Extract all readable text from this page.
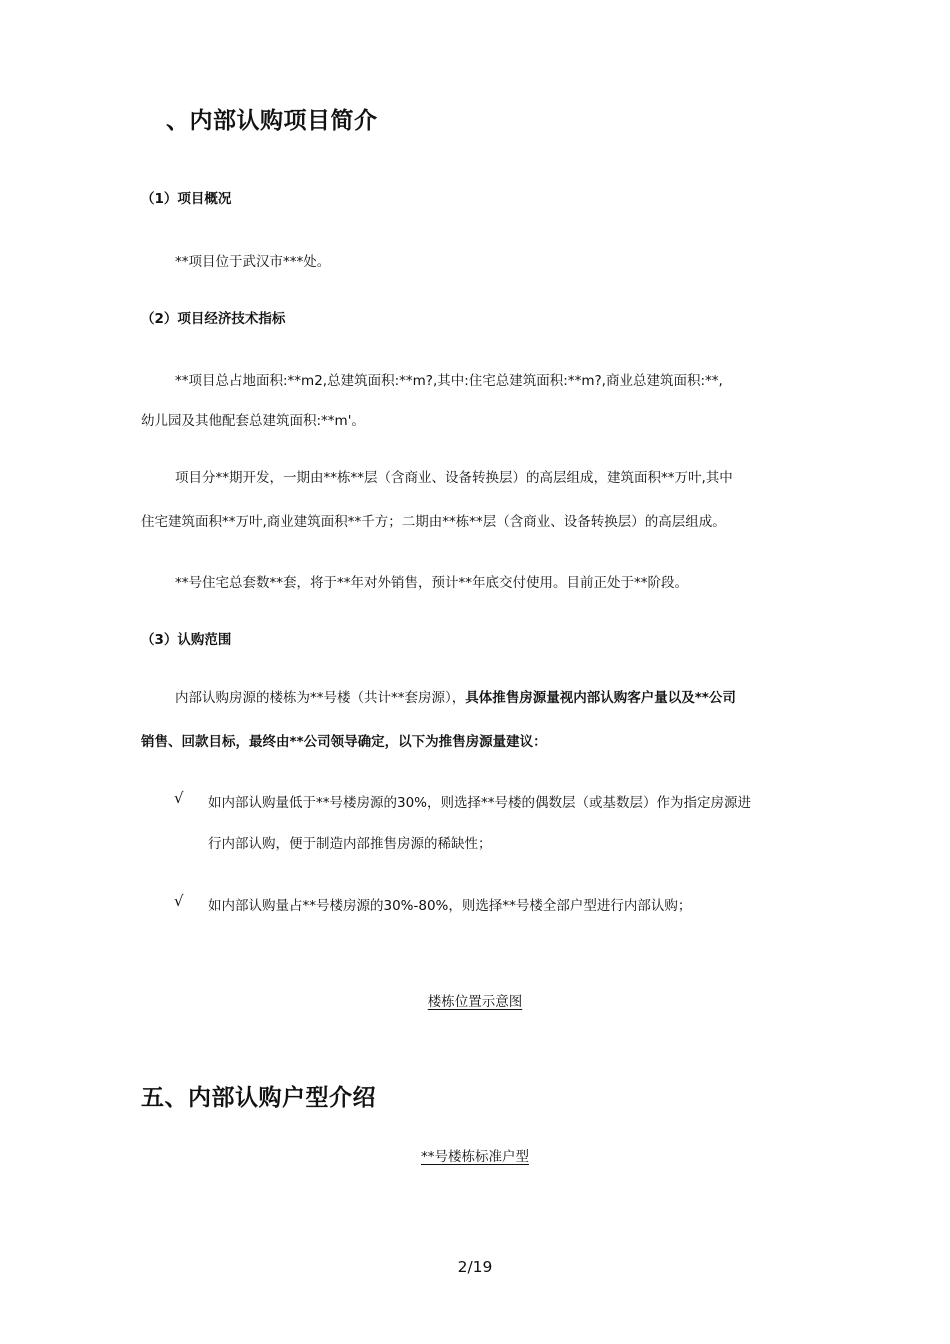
、内部认购项目简介
（1）项目概况
**项目位于武汉市***处。
（2）项目经济技术指标
**项目总占地面积:**m2,总建筑面积:**m?,其中:住宅总建筑面积:**m?,商业总建筑面积:**,
幼儿园及其他配套总建筑面积:**m'。
项目分**期开发，一期由**栋**层（含商业、设备转换层）的高层组成，建筑面积**万叶,其中
住宅建筑面积**万叶,商业建筑面积**千方；二期由**栋**层（含商业、设备转换层）的高层组成。
**号住宅总套数**套，将于**年对外销售，预计**年底交付使用。目前正处于**阶段。
（3）认购范围
内部认购房源的楼栋为**号楼（共计**套房源），具体推售房源量视内部认购客户量以及**公司
销售、回款目标，最终由**公司领导确定，以下为推售房源量建议：
√ 如内部认购量低于**号楼房源的30%，则选择**号楼的偶数层（或基数层）作为指定房源进
行内部认购，便于制造内部推售房源的稀缺性；
√ 如内部认购量占**号楼房源的30%-80%，则选择**号楼全部户型进行内部认购；
楼栋位置示意图
五、内部认购户型介绍
**号楼栋标准户型
2/19
